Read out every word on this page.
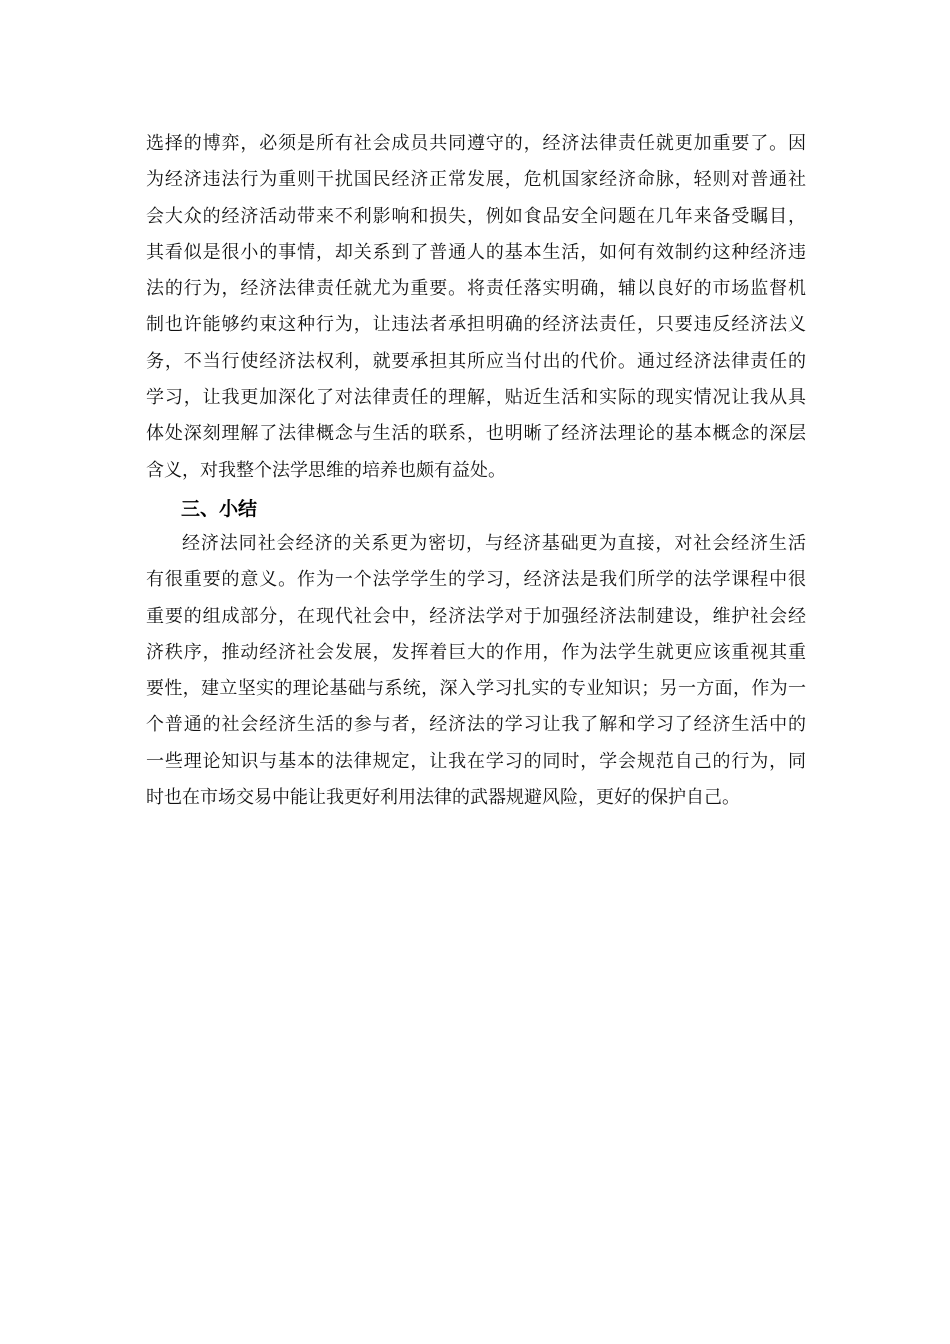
选择的博弈，必须是所有社会成员共同遵守的，经济法律责任就更加重要了。因
为经济违法行为重则干扰国民经济正常发展，危机国家经济命脉，轻则对普通社
会大众的经济活动带来不利影响和损失，例如食品安全问题在几年来备受瞩目，
其看似是很小的事情，却关系到了普通人的基本生活，如何有效制约这种经济违
法的行为，经济法律责任就尤为重要。将责任落实明确，辅以良好的市场监督机
制也许能够约束这种行为，让违法者承担明确的经济法责任，只要违反经济法义
务，不当行使经济法权利，就要承担其所应当付出的代价。通过经济法律责任的
学习，让我更加深化了对法律责任的理解，贴近生活和实际的现实情况让我从具
体处深刻理解了法律概念与生活的联系，也明晰了经济法理论的基本概念的深层
含义，对我整个法学思维的培养也颇有益处。
三、小结
经济法同社会经济的关系更为密切，与经济基础更为直接，对社会经济生活
有很重要的意义。作为一个法学学生的学习，经济法是我们所学的法学课程中很
重要的组成部分，在现代社会中，经济法学对于加强经济法制建设，维护社会经
济秩序，推动经济社会发展，发挥着巨大的作用，作为法学生就更应该重视其重
要性，建立坚实的理论基础与系统，深入学习扎实的专业知识；另一方面，作为一
个普通的社会经济生活的参与者，经济法的学习让我了解和学习了经济生活中的
一些理论知识与基本的法律规定，让我在学习的同时，学会规范自己的行为，同
时也在市场交易中能让我更好利用法律的武器规避风险，更好的保护自己。
